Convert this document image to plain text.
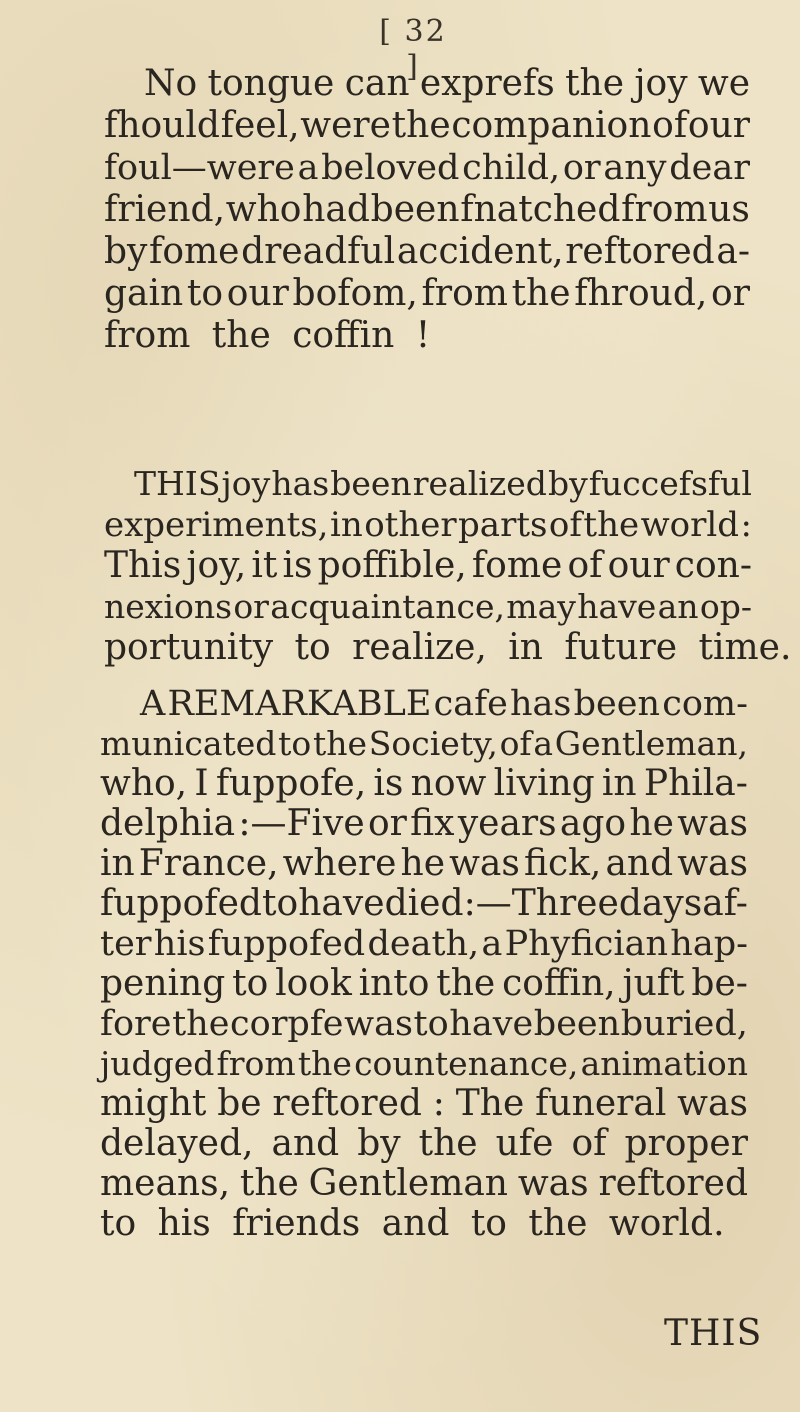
[ 32 ]
No tongue can exprefs the joy we
fhould feel, were the companion of our
foul—were a beloved child, or any dear
friend, who had been fnatched from us
by fome dreadful accident, reftored a-
gain to our bofom, from the fhroud, or
from the coffin !
THIS joy has been realized by fuccefsful
experiments, in other parts of the world :
This joy, it is poffible, fome of our con-
nexions or acquaintance, may have an op-
portunity to realize, in future time.
A REMARKABLE cafe has been com-
municated to the Society, of a Gentleman,
who, I fuppofe, is now living in Phila-
delphia :—Five or fix years ago he was
in France, where he was fick, and was
fuppofed to have died :—Three days af-
ter his fuppofed death, a Phyfician hap-
pening to look into the coffin, juft be-
fore the corpfe was to have been buried,
judged from the countenance, animation
might be reftored : The funeral was
delayed, and by the ufe of proper
means, the Gentleman was reftored
to his friends and to the world.
THIS
